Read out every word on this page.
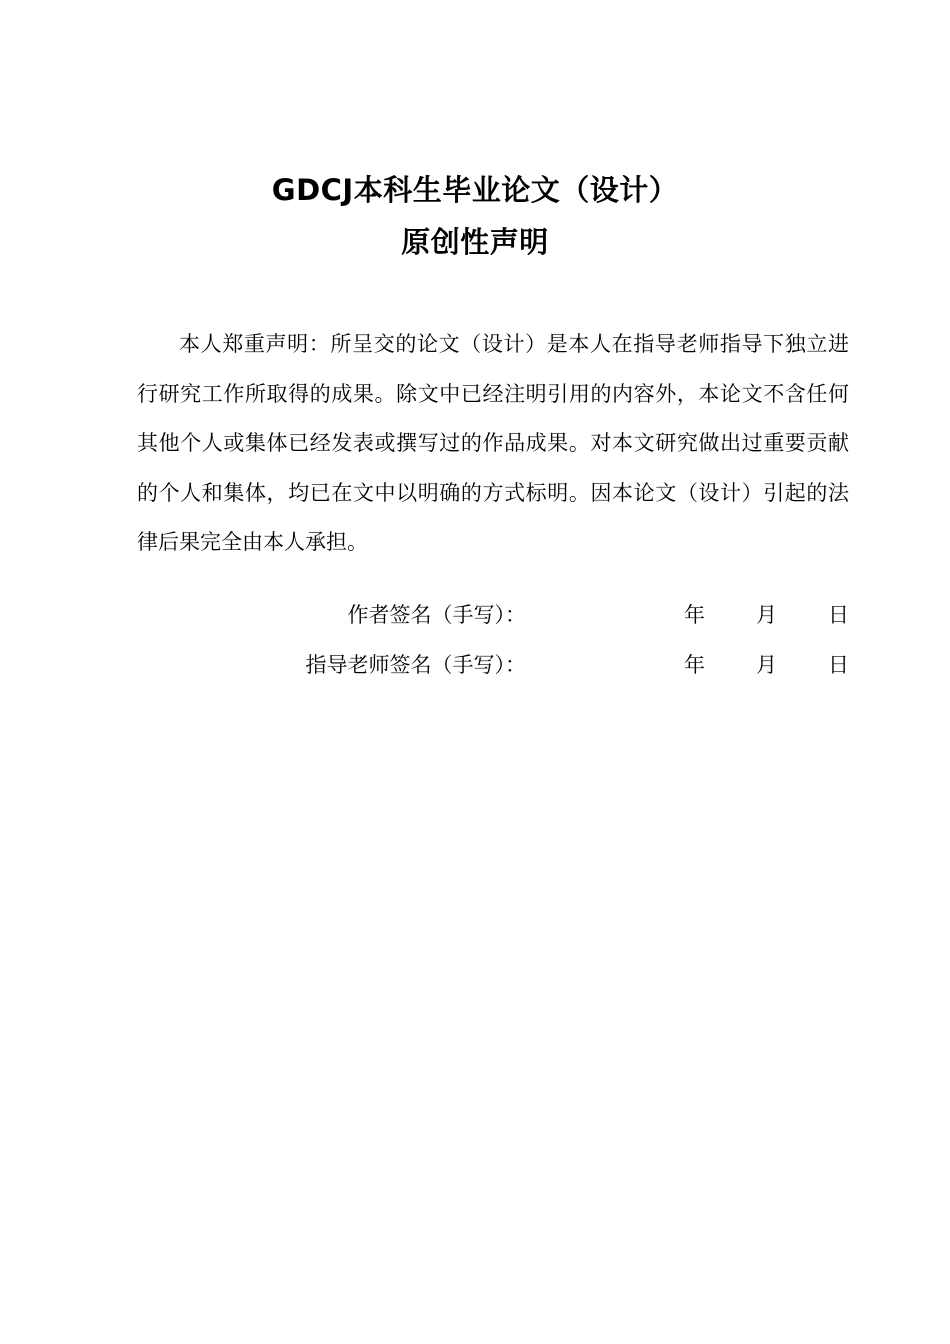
GDCJ本科生毕业论文（设计）
原创性声明
本人郑重声明：所呈交的论文（设计）是本人在指导老师指导下独立进行研究工作所取得的成果。除文中已经注明引用的内容外，本论文不含任何其他个人或集体已经发表或撰写过的作品成果。对本文研究做出过重要贡献的个人和集体，均已在文中以明确的方式标明。因本论文（设计）引起的法律后果完全由本人承担。
作者签名（手写）：	年 月 日
指导老师签名（手写）：	年 月 日
